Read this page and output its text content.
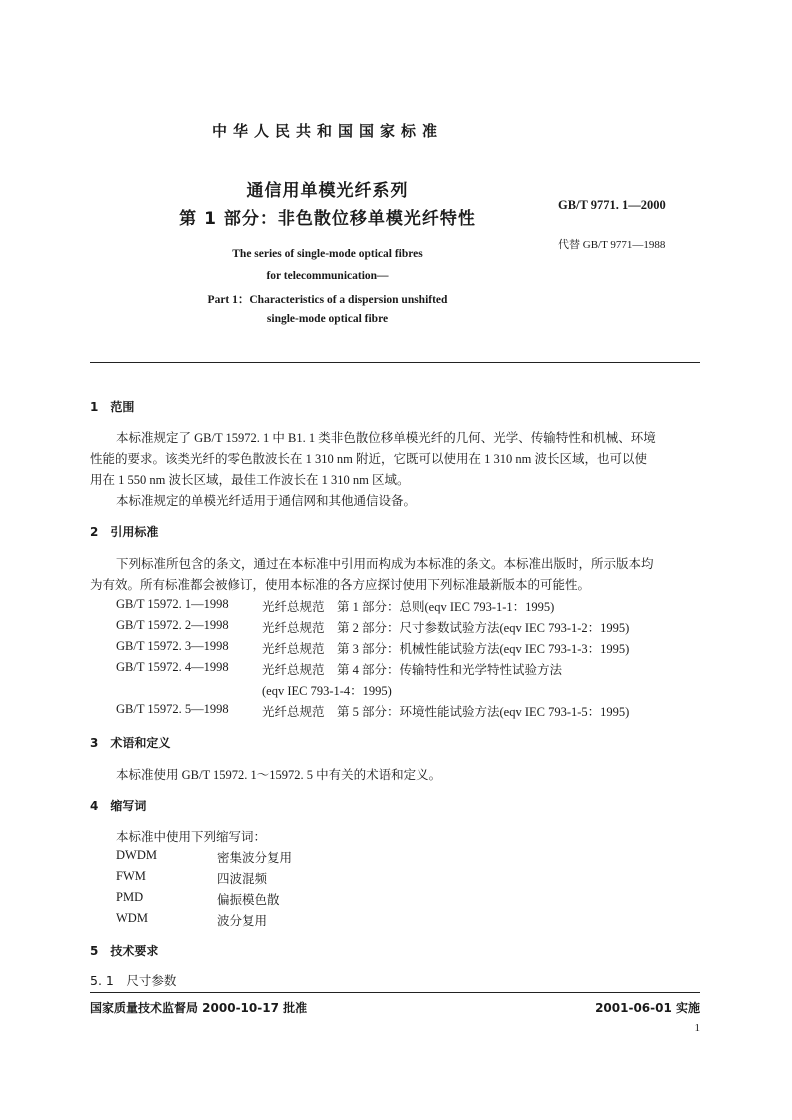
中华人民共和国国家标准
通信用单模光纤系列
第 1 部分：非色散位移单模光纤特性
GB/T 9771. 1—2000
代替 GB/T 9771—1988
The series of single-mode optical fibres
for telecommunication—
Part 1：Characteristics of a dispersion unshifted
single-mode optical fibre
1　范围
本标准规定了 GB/T 15972. 1 中 B1. 1 类非色散位移单模光纤的几何、光学、传输特性和机械、环境
性能的要求。该类光纤的零色散波长在 1 310 nm 附近，它既可以使用在 1 310 nm 波长区域，也可以使
用在 1 550 nm 波长区域，最佳工作波长在 1 310 nm 区域。
本标准规定的单模光纤适用于通信网和其他通信设备。
2　引用标准
下列标准所包含的条文，通过在本标准中引用而构成为本标准的条文。本标准出版时，所示版本均
为有效。所有标准都会被修订，使用本标准的各方应探讨使用下列标准最新版本的可能性。
GB/T 15972. 1—1998	光纤总规范　第 1 部分：总则(eqv IEC 793-1-1：1995)
GB/T 15972. 2—1998	光纤总规范　第 2 部分：尺寸参数试验方法(eqv IEC 793-1-2：1995)
GB/T 15972. 3—1998	光纤总规范　第 3 部分：机械性能试验方法(eqv IEC 793-1-3：1995)
GB/T 15972. 4—1998	光纤总规范　第 4 部分：传输特性和光学特性试验方法
(eqv IEC 793-1-4：1995)
GB/T 15972. 5—1998	光纤总规范　第 5 部分：环境性能试验方法(eqv IEC 793-1-5：1995)
3　术语和定义
本标准使用 GB/T 15972. 1～15972. 5 中有关的术语和定义。
4　缩写词
本标准中使用下列缩写词：
DWDM	密集波分复用
FWM	四波混频
PMD	偏振模色散
WDM	波分复用
5　技术要求
5. 1　尺寸参数
国家质量技术监督局 2000-10-17 批准	2001-06-01 实施
1
